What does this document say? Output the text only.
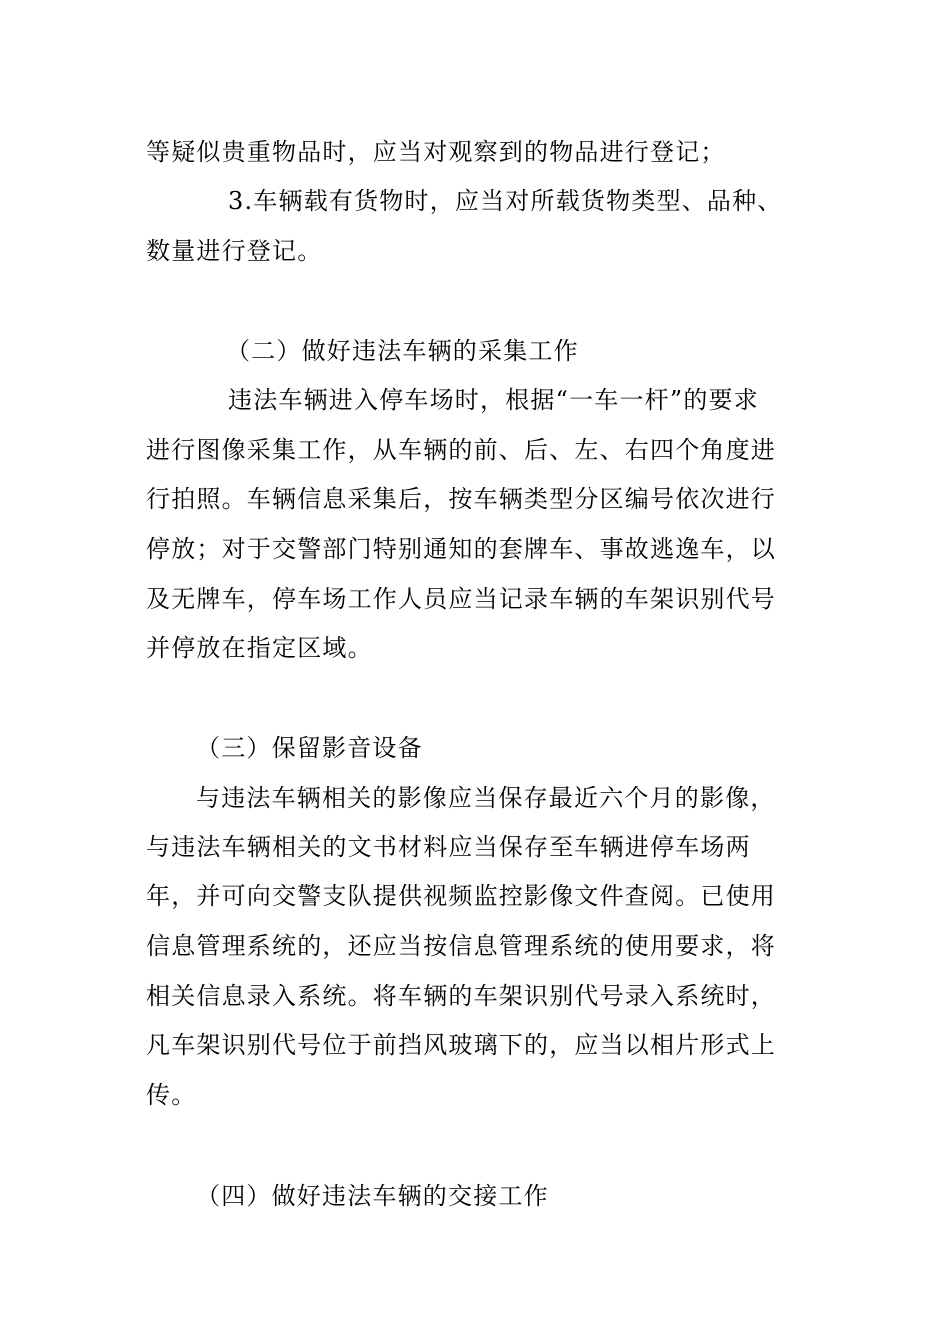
等疑似贵重物品时，应当对观察到的物品进行登记；
3.车辆载有货物时，应当对所载货物类型、品种、
数量进行登记。
（二）做好违法车辆的采集工作
违法车辆进入停车场时，根据“一车一杆”的要求
进行图像采集工作，从车辆的前、后、左、右四个角度进
行拍照。车辆信息采集后，按车辆类型分区编号依次进行
停放；对于交警部门特别通知的套牌车、事故逃逸车，以
及无牌车，停车场工作人员应当记录车辆的车架识别代号
并停放在指定区域。
（三）保留影音设备
与违法车辆相关的影像应当保存最近六个月的影像，
与违法车辆相关的文书材料应当保存至车辆进停车场两
年，并可向交警支队提供视频监控影像文件查阅。已使用
信息管理系统的，还应当按信息管理系统的使用要求，将
相关信息录入系统。将车辆的车架识别代号录入系统时，
凡车架识别代号位于前挡风玻璃下的，应当以相片形式上
传。
（四）做好违法车辆的交接工作
